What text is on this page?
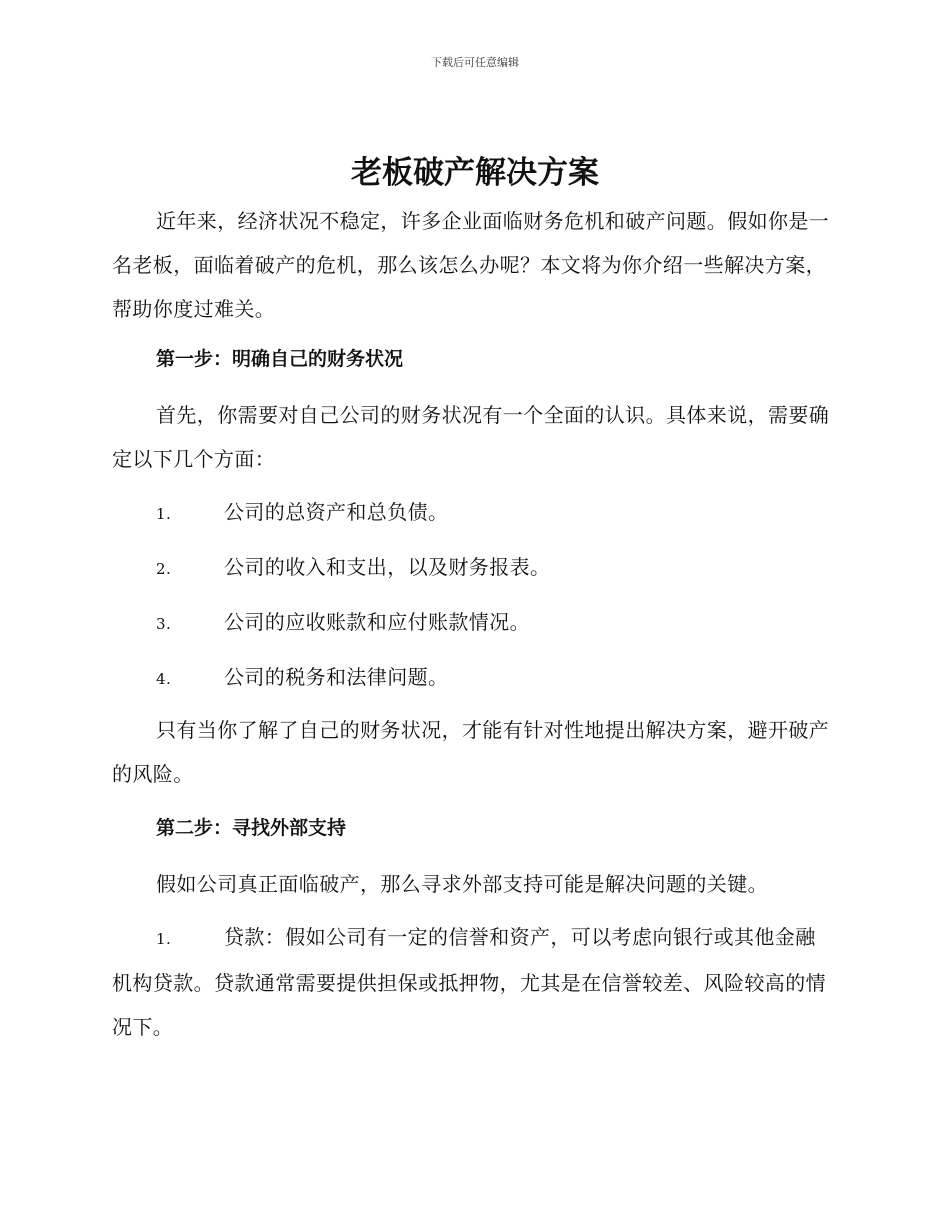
下载后可任意编辑
老板破产解决方案

近年来，经济状况不稳定，许多企业面临财务危机和破产问题。假如你是一名老板，面临着破产的危机，那么该怎么办呢？本文将为你介绍一些解决方案，帮助你度过难关。

第一步：明确自己的财务状况

首先，你需要对自己公司的财务状况有一个全面的认识。具体来说，需要确定以下几个方面：

1.	公司的总资产和总负债。
2.	公司的收入和支出，以及财务报表。
3.	公司的应收账款和应付账款情况。
4.	公司的税务和法律问题。

只有当你了解了自己的财务状况，才能有针对性地提出解决方案，避开破产的风险。

第二步：寻找外部支持

假如公司真正面临破产，那么寻求外部支持可能是解决问题的关键。

1.	贷款：假如公司有一定的信誉和资产，可以考虑向银行或其他金融机构贷款。贷款通常需要提供担保或抵押物，尤其是在信誉较差、风险较高的情况下。
